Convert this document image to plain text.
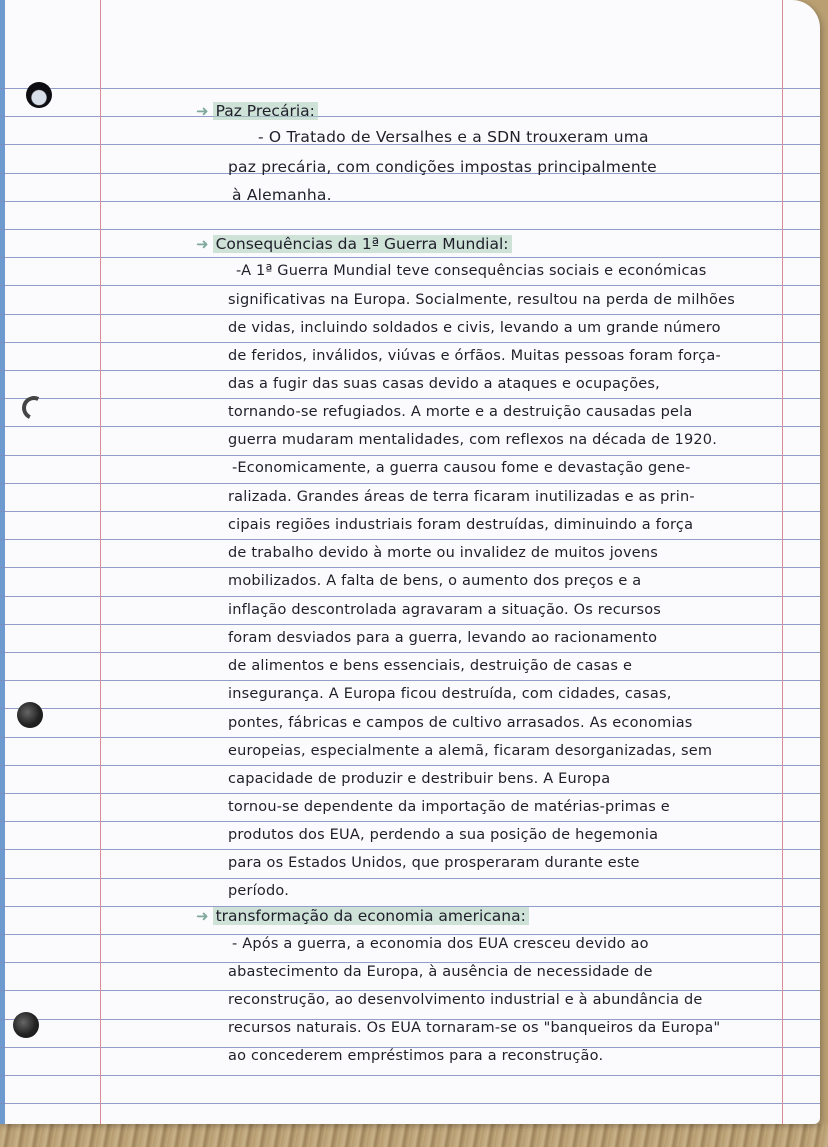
➜ Paz Precária:
- O Tratado de Versalhes e a SDN trouxeram uma
paz precária, com condições impostas principalmente
à Alemanha.
➜ Consequências da 1ª Guerra Mundial:
-A 1ª Guerra Mundial teve consequências sociais e económicas
significativas na Europa. Socialmente, resultou na perda de milhões
de vidas, incluindo soldados e civis, levando a um grande número
de feridos, inválidos, viúvas e órfãos. Muitas pessoas foram força-
das a fugir das suas casas devido a ataques e ocupações,
tornando-se refugiados. A morte e a destruição causadas pela
guerra mudaram mentalidades, com reflexos na década de 1920.
-Economicamente, a guerra causou fome e devastação gene-
ralizada. Grandes áreas de terra ficaram inutilizadas e as prin-
cipais regiões industriais foram destruídas, diminuindo a força
de trabalho devido à morte ou invalidez de muitos jovens
mobilizados. A falta de bens, o aumento dos preços e a
inflação descontrolada agravaram a situação. Os recursos
foram desviados para a guerra, levando ao racionamento
de alimentos e bens essenciais, destruição de casas e
insegurança. A Europa ficou destruída, com cidades, casas,
pontes, fábricas e campos de cultivo arrasados. As economias
europeias, especialmente a alemã, ficaram desorganizadas, sem
capacidade de produzir e destribuir bens. A Europa
tornou-se dependente da importação de matérias-primas e
produtos dos EUA, perdendo a sua posição de hegemonia
para os Estados Unidos, que prosperaram durante este
período.
➜ transformação da economia americana:
- Após a guerra, a economia dos EUA cresceu devido ao
abastecimento da Europa, à ausência de necessidade de
reconstrução, ao desenvolvimento industrial e à abundância de
recursos naturais. Os EUA tornaram-se os "banqueiros da Europa"
ao concederem empréstimos para a reconstrução.
